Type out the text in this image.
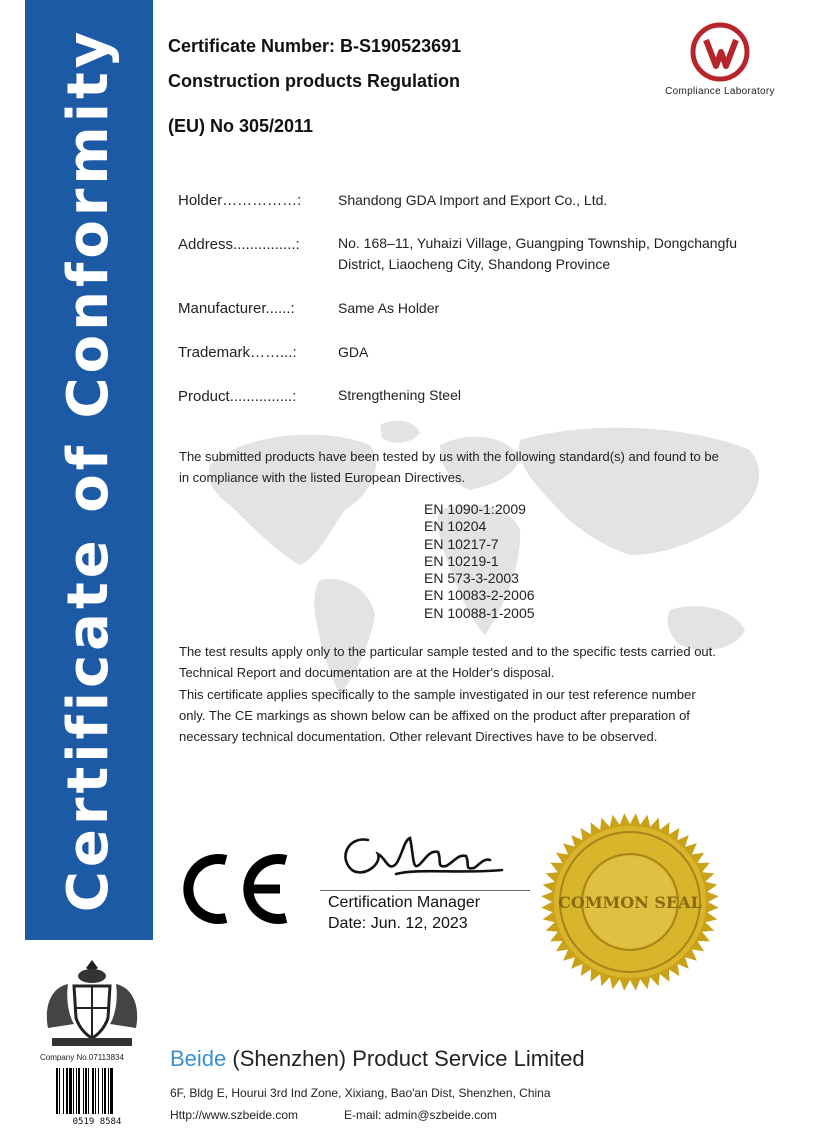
Certificate of Conformity	Certificate Number: B-S190523691
Construction products Regulation
(EU) No 305/2011
Compliance Laboratory
Holder……………:	Shandong GDA Import and Export Co., Ltd.
Address...............:	No. 168–11, Yuhaizi Village, Guangping Township, Dongchangfu
District, Liaocheng City, Shandong Province
Manufacturer......:	Same As Holder
Trademark……...:	GDA
Product...............:	Strengthening Steel
The submitted products have been tested by us with the following standard(s) and found to be
in compliance with the listed European Directives.
EN 1090-1:2009
EN 10204
EN 10217-7
EN 10219-1
EN 573-3-2003
EN 10083-2-2006
EN 10088-1-2005
The test results apply only to the particular sample tested and to the specific tests carried out.
Technical Report and documentation are at the Holder's disposal.
This certificate applies specifically to the sample investigated in our test reference number
only. The CE markings as shown below can be affixed on the product after preparation of
necessary technical documentation. Other relevant Directives have to be observed.
Certification Manager
Date: Jun. 12, 2023
COMMON SEAL
Company No.07113834
0519 8584
Beide (Shenzhen) Product Service Limited
6F, Bldg E, Hourui 3rd Ind Zone, Xixiang, Bao'an Dist, Shenzhen, China
Http://www.szbeide.com	E-mail: admin@szbeide.com
